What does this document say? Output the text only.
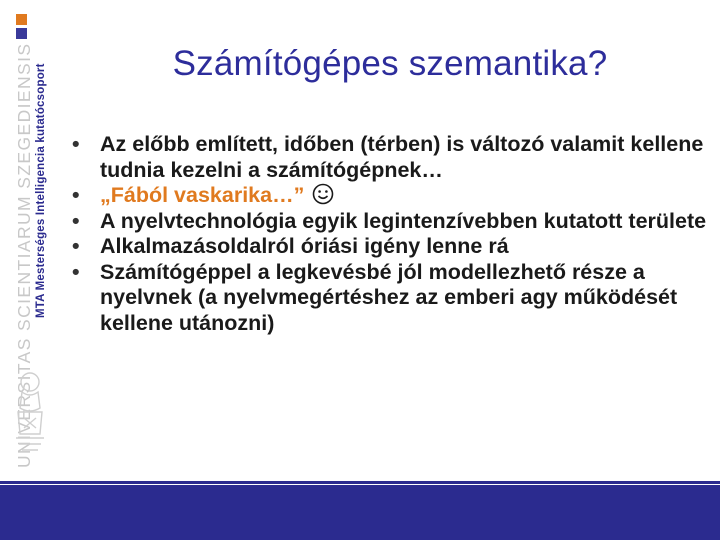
MTA Mesterséges Intelligencia kutatócsoport
UNIVERSITAS SCIENTIARUM SZEGEDIENSIS	Számítógépes szemantika?
• Az előbb említett, időben (térben) is változó valamit kellene tudnia kezelni a számítógépnek…
• „Fából vaskarika…”
• A nyelvtechnológia egyik legintenzívebben kutatott területe
• Alkalmazásoldalról óriási igény lenne rá
• Számítógéppel a legkevésbé jól modellezhető része a nyelvnek (a nyelvmegértéshez az emberi agy működését kellene utánozni)
